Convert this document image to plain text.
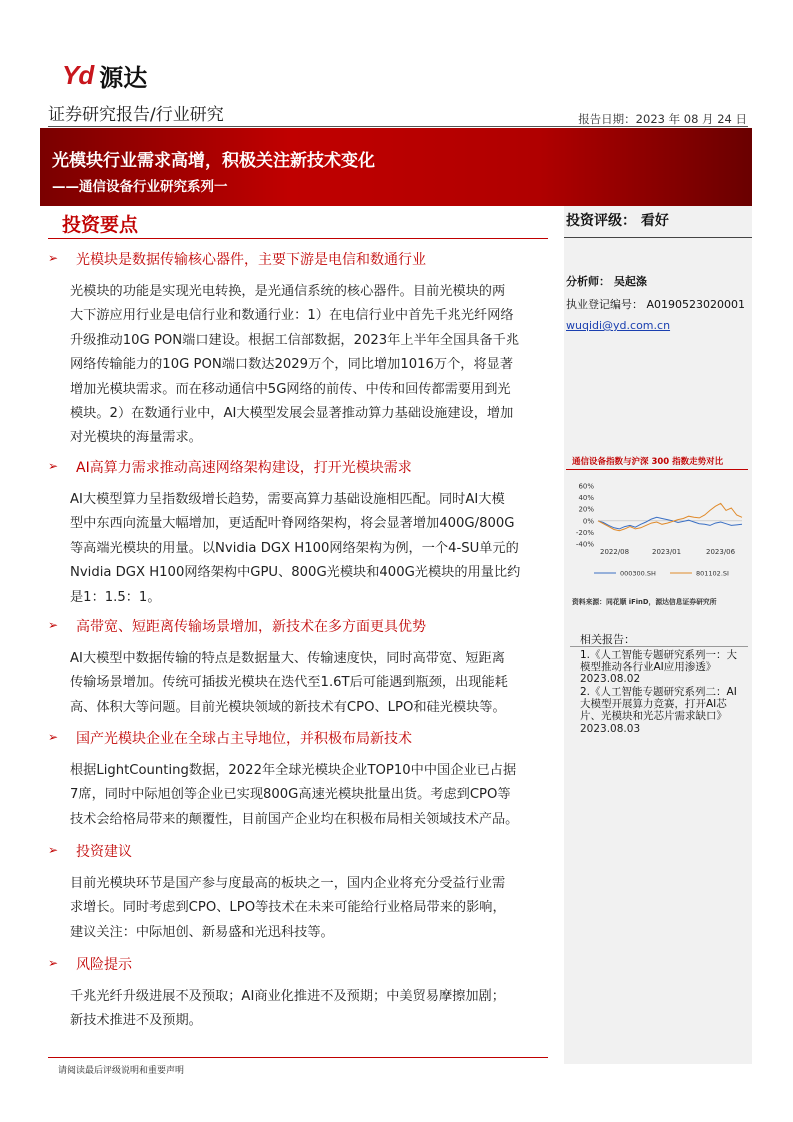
Yd 源达
证券研究报告/行业研究	报告日期：2023 年 08 月 24 日
光模块行业需求高增，积极关注新技术变化
——通信设备行业研究系列一
投资要点
➢	光模块是数据传输核心器件，主要下游是电信和数通行业
光模块的功能是实现光电转换，是光通信系统的核心器件。目前光模块的两
大下游应用行业是电信行业和数通行业：1）在电信行业中首先千兆光纤网络
升级推动10G PON端口建设。根据工信部数据，2023年上半年全国具备千兆
网络传输能力的10G PON端口数达2029万个，同比增加1016万个，将显著
增加光模块需求。而在移动通信中5G网络的前传、中传和回传都需要用到光
模块。2）在数通行业中，AI大模型发展会显著推动算力基础设施建设，增加
对光模块的海量需求。
➢	AI高算力需求推动高速网络架构建设，打开光模块需求
AI大模型算力呈指数级增长趋势，需要高算力基础设施相匹配。同时AI大模
型中东西向流量大幅增加，更适配叶脊网络架构，将会显著增加400G/800G
等高端光模块的用量。以Nvidia DGX H100网络架构为例，一个4-SU单元的
Nvidia DGX H100网络架构中GPU、800G光模块和400G光模块的用量比约
是1：1.5：1。
➢	高带宽、短距离传输场景增加，新技术在多方面更具优势
AI大模型中数据传输的特点是数据量大、传输速度快，同时高带宽、短距离
传输场景增加。传统可插拔光模块在迭代至1.6T后可能遇到瓶颈，出现能耗
高、体积大等问题。目前光模块领域的新技术有CPO、LPO和硅光模块等。
➢	国产光模块企业在全球占主导地位，并积极布局新技术
根据LightCounting数据，2022年全球光模块企业TOP10中中国企业已占据
7席，同时中际旭创等企业已实现800G高速光模块批量出货。考虑到CPO等
技术会给格局带来的颠覆性，目前国产企业均在积极布局相关领域技术产品。
➢	投资建议
目前光模块环节是国产参与度最高的板块之一，国内企业将充分受益行业需
求增长。同时考虑到CPO、LPO等技术在未来可能给行业格局带来的影响，
建议关注：中际旭创、新易盛和光迅科技等。
➢	风险提示
千兆光纤升级进展不及预取；AI商业化推进不及预期；中美贸易摩擦加剧；
新技术推进不及预期。
投资评级： 看好
分析师： 吴起涤
执业登记编号： A0190523020001
wuqidi@yd.com.cn
通信设备指数与沪深 300 指数走势对比
60%
40%
20%
0%
-20%
-40%
2022/08	2023/01	2023/06
000300.SH	801102.SI
资料来源：同花顺 iFinD，源达信息证券研究所
相关报告：
1.《人工智能专题研究系列一：大
模型推动各行业AI应用渗透》
2023.08.02
2.《人工智能专题研究系列二：AI
大模型开展算力竞赛，打开AI芯
片、光模块和光芯片需求缺口》
2023.08.03
请阅读最后评级说明和重要声明
